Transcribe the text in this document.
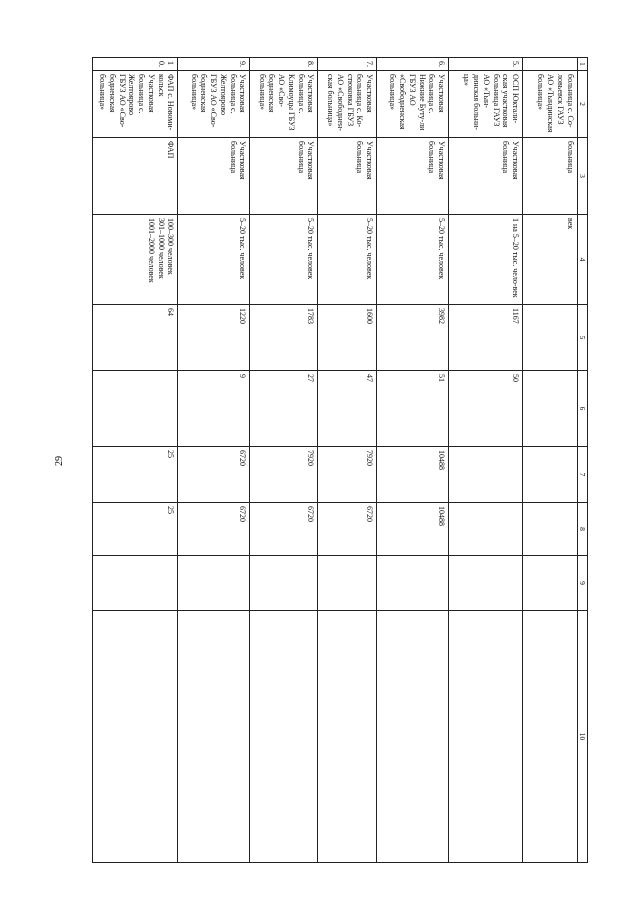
29
1	2	3	4	5	6	7	8	9	10
	больница с. Со-ловьевск ГАУЗ АО «Тындинская больница»	больница	век						

5.	ОСП Юктали-ская участковая больница ГАУЗ АО «Тын-динская больни-ца»	Участковая больница	1 на 5–20 тыс. чело-век	1167	50				
6.	Участковая больница с. Нижние Буту-ли ГБУЗ АО «Свободненская больница»	Участковая больница	5–20 тыс. человек	3982	51	10488	10488		
7.	Участковая больница с. Ко-стюковка ГБУЗ АО «Свободнен-ская больница»	Участковая больница	5–20 тыс. человек	1600	47	7920	6720		
8.	Участковая больница с. Климоуцы ГБУЗ АО «Сво-бодненская больница»	Участковая больница	5–20 тыс. человек	1783	27	7920	6720		
9.	Участковая больница с. Желтоярово ГБУЗ АО «Сво-бодненская больница»	Участковая больница	5–20 тыс. человек	1220	9	6720	6720		
10.	ФАП с. Новоми-кольск Участковая больница с. Желтоярово ГБУЗ АО «Сво-бодненская больница»	ФАП	100–300 человек
301–1000 человек
1001–2000 человек	64		25	25		
